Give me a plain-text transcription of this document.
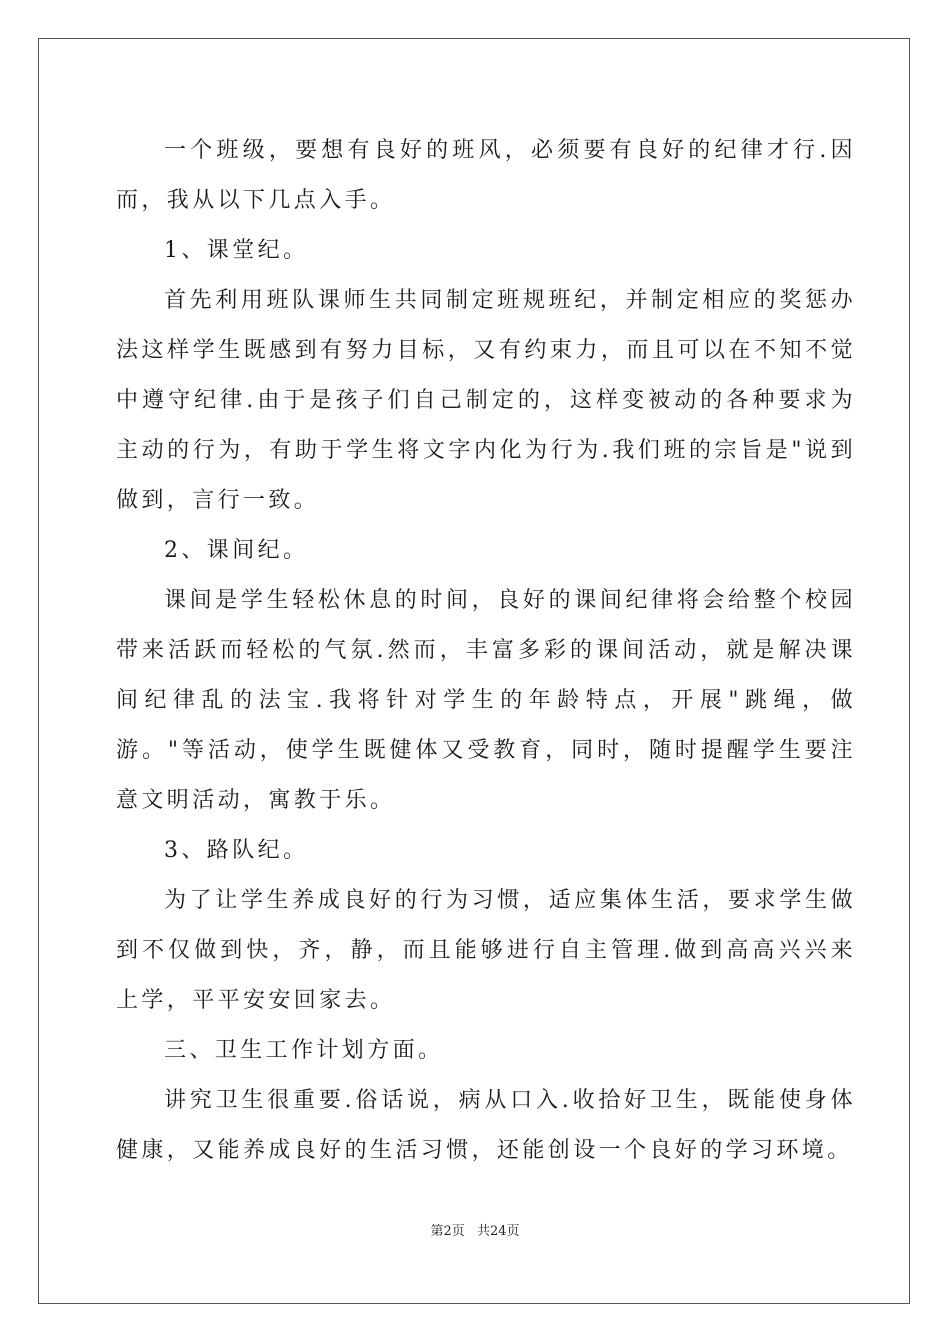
一个班级，要想有良好的班风，必须要有良好的纪律才行.因而，我从以下几点入手。

1、课堂纪。

首先利用班队课师生共同制定班规班纪，并制定相应的奖惩办法这样学生既感到有努力目标，又有约束力，而且可以在不知不觉中遵守纪律.由于是孩子们自己制定的，这样变被动的各种要求为主动的行为，有助于学生将文字内化为行为.我们班的宗旨是"说到做到，言行一致。

2、课间纪。

课间是学生轻松休息的时间，良好的课间纪律将会给整个校园带来活跃而轻松的气氛.然而，丰富多彩的课间活动，就是解决课间纪律乱的法宝.我将针对学生的年龄特点，开展"跳绳，做游。"等活动，使学生既健体又受教育，同时，随时提醒学生要注意文明活动，寓教于乐。

3、路队纪。

为了让学生养成良好的行为习惯，适应集体生活，要求学生做到不仅做到快，齐，静，而且能够进行自主管理.做到高高兴兴来上学，平平安安回家去。

三、卫生工作计划方面。

讲究卫生很重要.俗话说，病从口入.收拾好卫生，既能使身体健康，又能养成良好的生活习惯，还能创设一个良好的学习环境。

第2页 共24页
